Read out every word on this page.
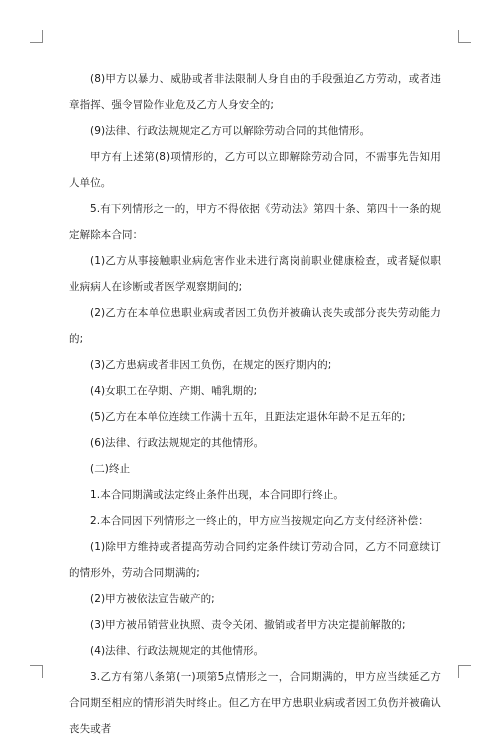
(8)甲方以暴力、威胁或者非法限制人身自由的手段强迫乙方劳动，或者违章指挥、强令冒险作业危及乙方人身安全的;

(9)法律、行政法规规定乙方可以解除劳动合同的其他情形。

甲方有上述第(8)项情形的，乙方可以立即解除劳动合同，不需事先告知用人单位。

5.有下列情形之一的，甲方不得依据《劳动法》第四十条、第四十一条的规定解除本合同：

(1)乙方从事接触职业病危害作业未进行离岗前职业健康检查，或者疑似职业病病人在诊断或者医学观察期间的;

(2)乙方在本单位患职业病或者因工负伤并被确认丧失或部分丧失劳动能力的;

(3)乙方患病或者非因工负伤，在规定的医疗期内的;

(4)女职工在孕期、产期、哺乳期的;

(5)乙方在本单位连续工作满十五年，且距法定退休年龄不足五年的;

(6)法律、行政法规规定的其他情形。

(二)终止

1.本合同期满或法定终止条件出现，本合同即行终止。

2.本合同因下列情形之一终止的，甲方应当按规定向乙方支付经济补偿：

(1)除甲方维持或者提高劳动合同约定条件续订劳动合同，乙方不同意续订的情形外，劳动合同期满的;

(2)甲方被依法宣告破产的;

(3)甲方被吊销营业执照、责令关闭、撤销或者甲方决定提前解散的;

(4)法律、行政法规规定的其他情形。

3.乙方有第八条第(一)项第5点情形之一，合同期满的，甲方应当续延乙方合同期至相应的情形消失时终止。但乙方在甲方患职业病或者因工负伤并被确认丧失或者
